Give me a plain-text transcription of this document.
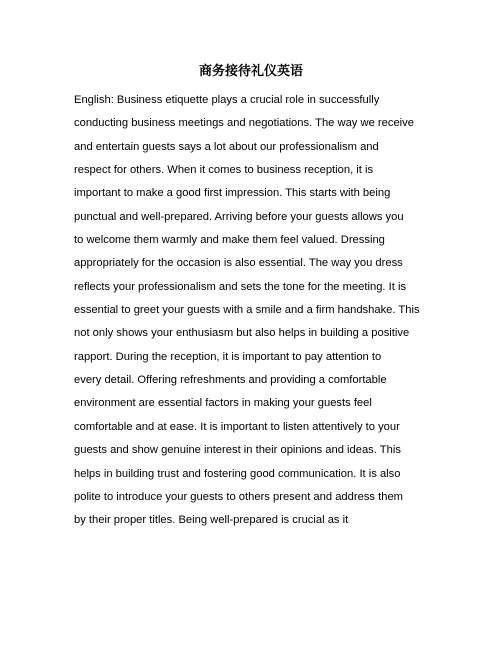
商务接待礼仪英语
English: Business etiquette plays a crucial role in successfully
conducting business meetings and negotiations. The way we receive
and entertain guests says a lot about our professionalism and
respect for others. When it comes to business reception, it is
important to make a good first impression. This starts with being
punctual and well-prepared. Arriving before your guests allows you
to welcome them warmly and make them feel valued. Dressing
appropriately for the occasion is also essential. The way you dress
reflects your professionalism and sets the tone for the meeting. It is
essential to greet your guests with a smile and a firm handshake. This
not only shows your enthusiasm but also helps in building a positive
rapport. During the reception, it is important to pay attention to
every detail. Offering refreshments and providing a comfortable
environment are essential factors in making your guests feel
comfortable and at ease. It is important to listen attentively to your
guests and show genuine interest in their opinions and ideas. This
helps in building trust and fostering good communication. It is also
polite to introduce your guests to others present and address them
by their proper titles. Being well-prepared is crucial as it
